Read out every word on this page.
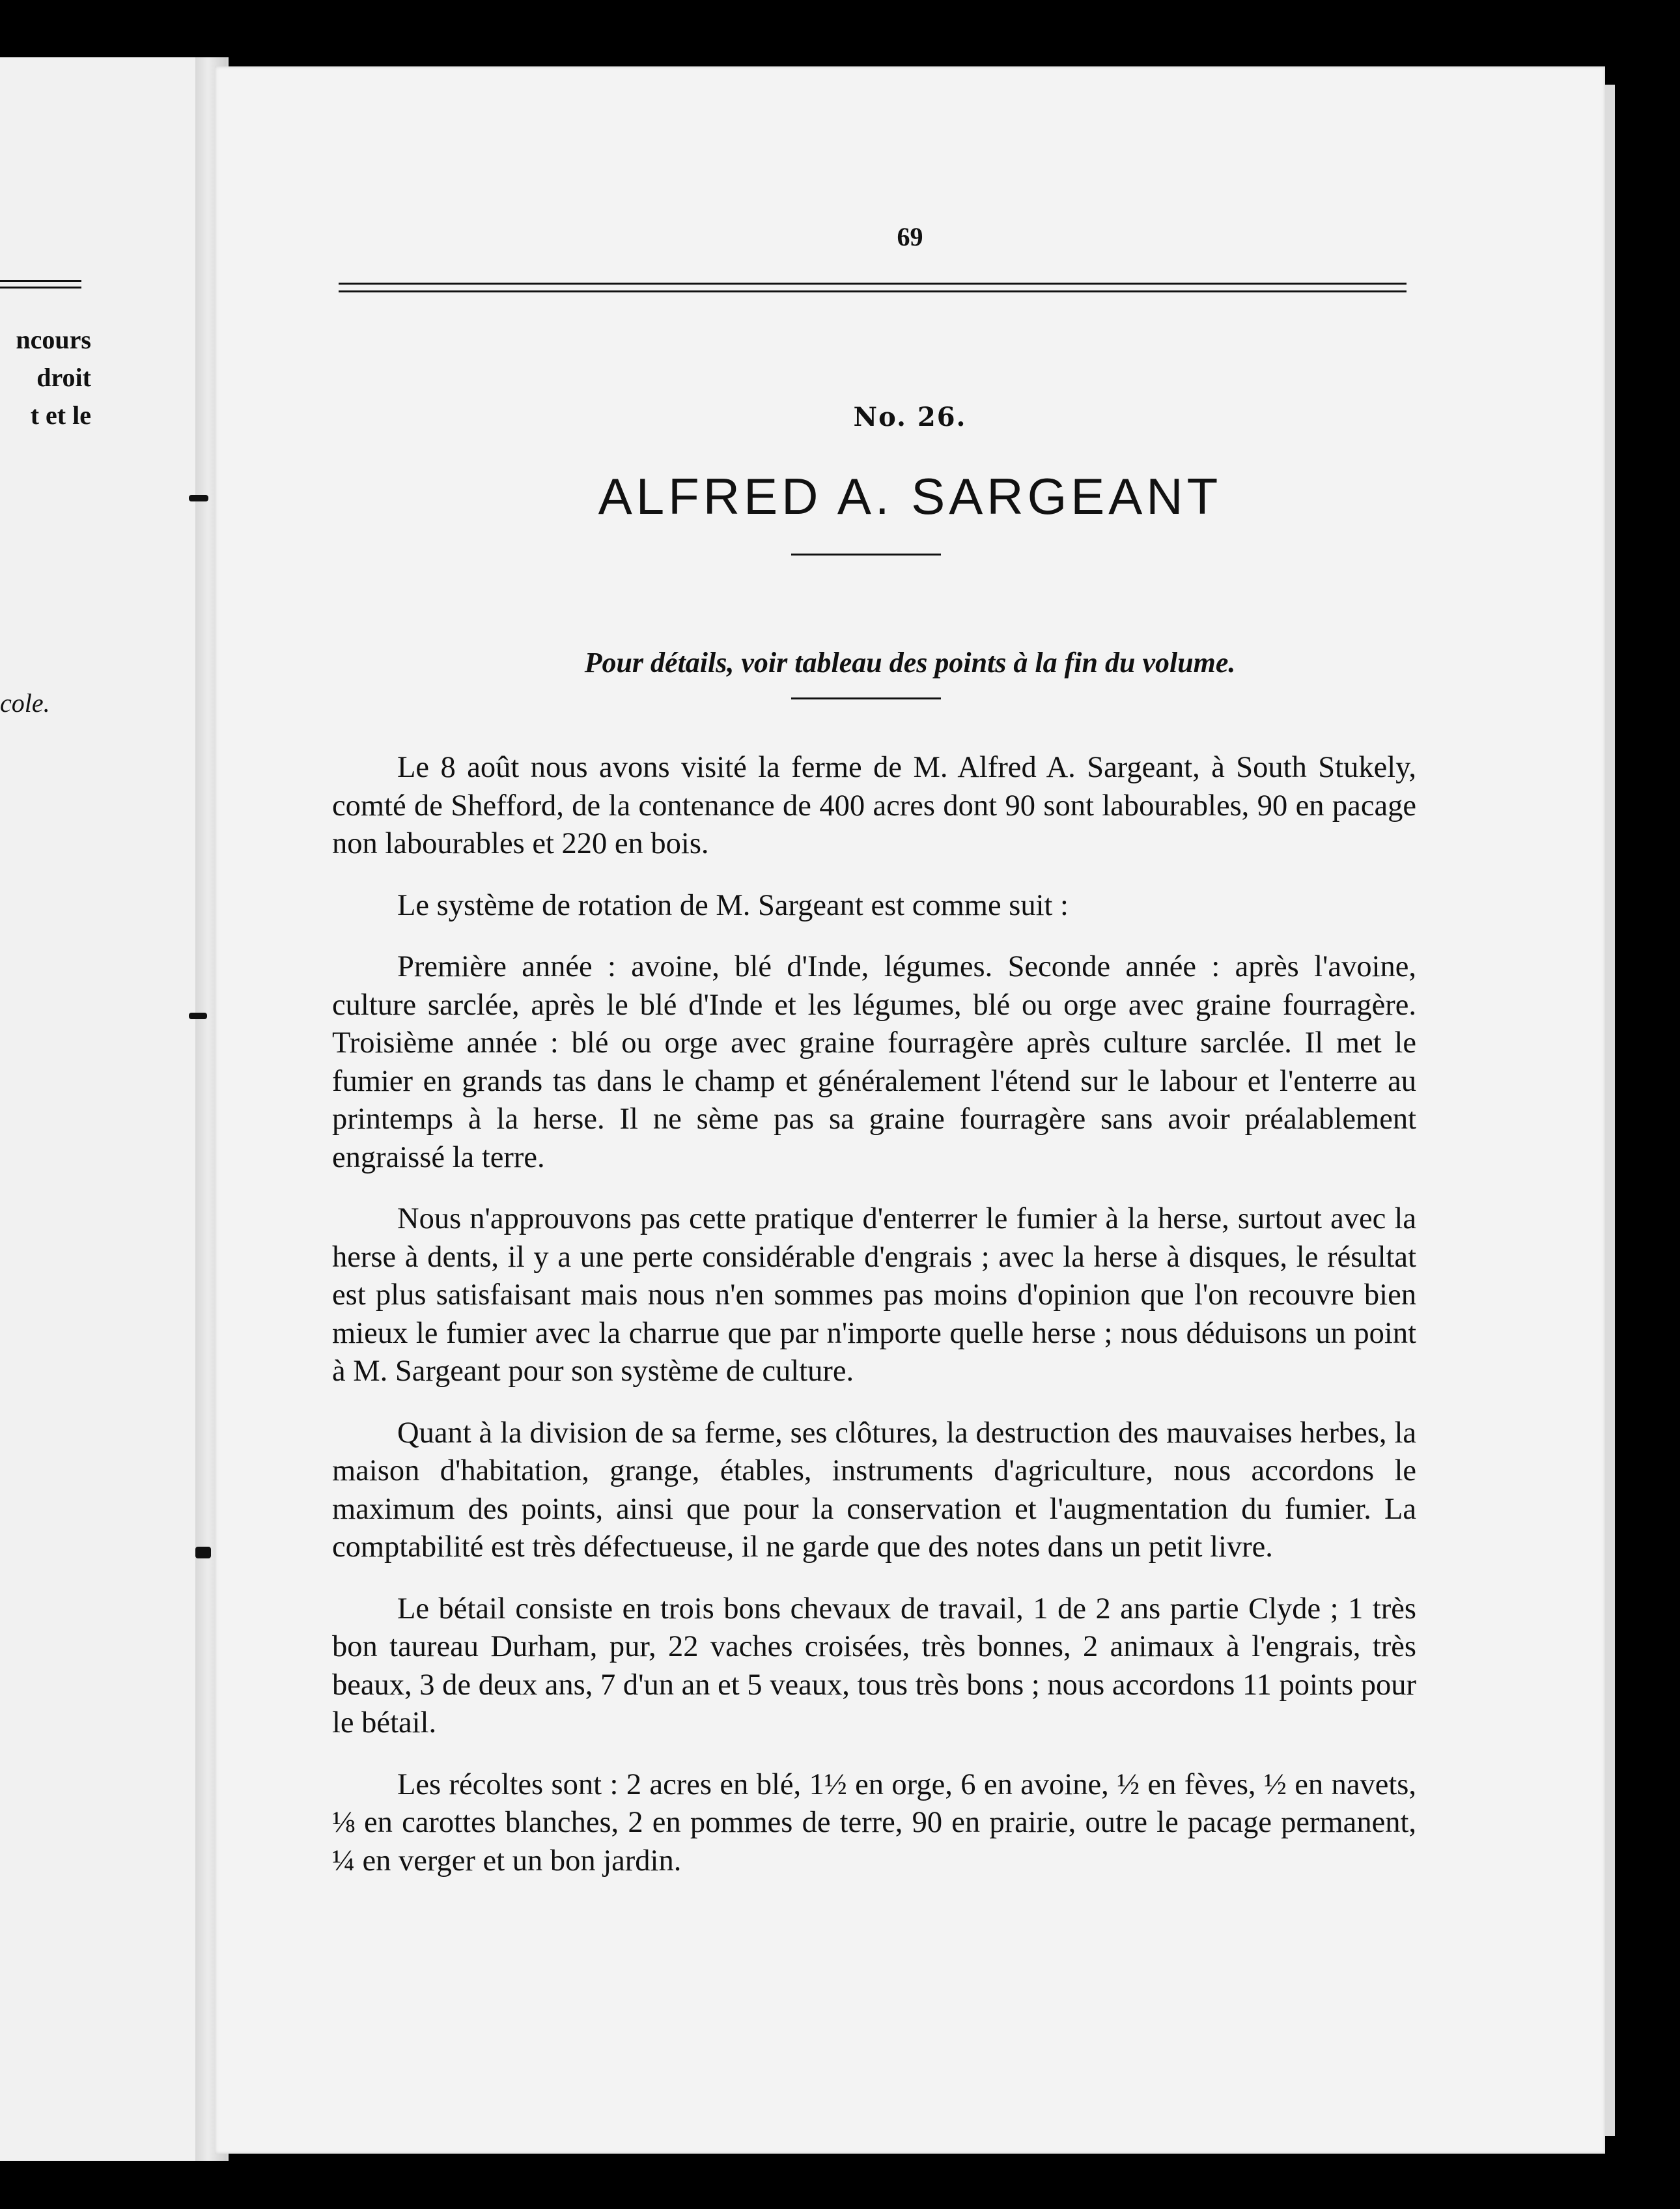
ncours
droit
t et le
cole.
69
No. 26.
ALFRED A. SARGEANT
Pour détails, voir tableau des points à la fin du volume.

Le 8 août nous avons visité la ferme de M. Alfred A. Sargeant, à South Stukely, comté de Shefford, de la contenance de 400 acres dont 90 sont labourables, 90 en pacage non labourables et 220 en bois.

Le système de rotation de M. Sargeant est comme suit :

Première année : avoine, blé d'Inde, légumes. Seconde année : après l'avoine, culture sarclée, après le blé d'Inde et les légumes, blé ou orge avec graine fourragère. Troisième année : blé ou orge avec graine fourragère après culture sarclée. Il met le fumier en grands tas dans le champ et généralement l'étend sur le labour et l'enterre au printemps à la herse. Il ne sème pas sa graine fourragère sans avoir préalablement engraissé la terre.

Nous n'approuvons pas cette pratique d'enterrer le fumier à la herse, surtout avec la herse à dents, il y a une perte considérable d'engrais ; avec la herse à disques, le résultat est plus satisfaisant mais nous n'en sommes pas moins d'opinion que l'on recouvre bien mieux le fumier avec la charrue que par n'importe quelle herse ; nous déduisons un point à M. Sargeant pour son système de culture.

Quant à la division de sa ferme, ses clôtures, la destruction des mauvaises herbes, la maison d'habitation, grange, étables, instruments d'agriculture, nous accordons le maximum des points, ainsi que pour la conservation et l'augmentation du fumier. La comptabilité est très défectueuse, il ne garde que des notes dans un petit livre.

Le bétail consiste en trois bons chevaux de travail, 1 de 2 ans partie Clyde ; 1 très bon taureau Durham, pur, 22 vaches croisées, très bonnes, 2 animaux à l'engrais, très beaux, 3 de deux ans, 7 d'un an et 5 veaux, tous très bons ; nous accordons 11 points pour le bétail.

Les récoltes sont : 2 acres en blé, 1½ en orge, 6 en avoine, ½ en fèves, ½ en navets, ⅛ en carottes blanches, 2 en pommes de terre, 90 en prairie, outre le pacage permanent, ¼ en verger et un bon jardin.
